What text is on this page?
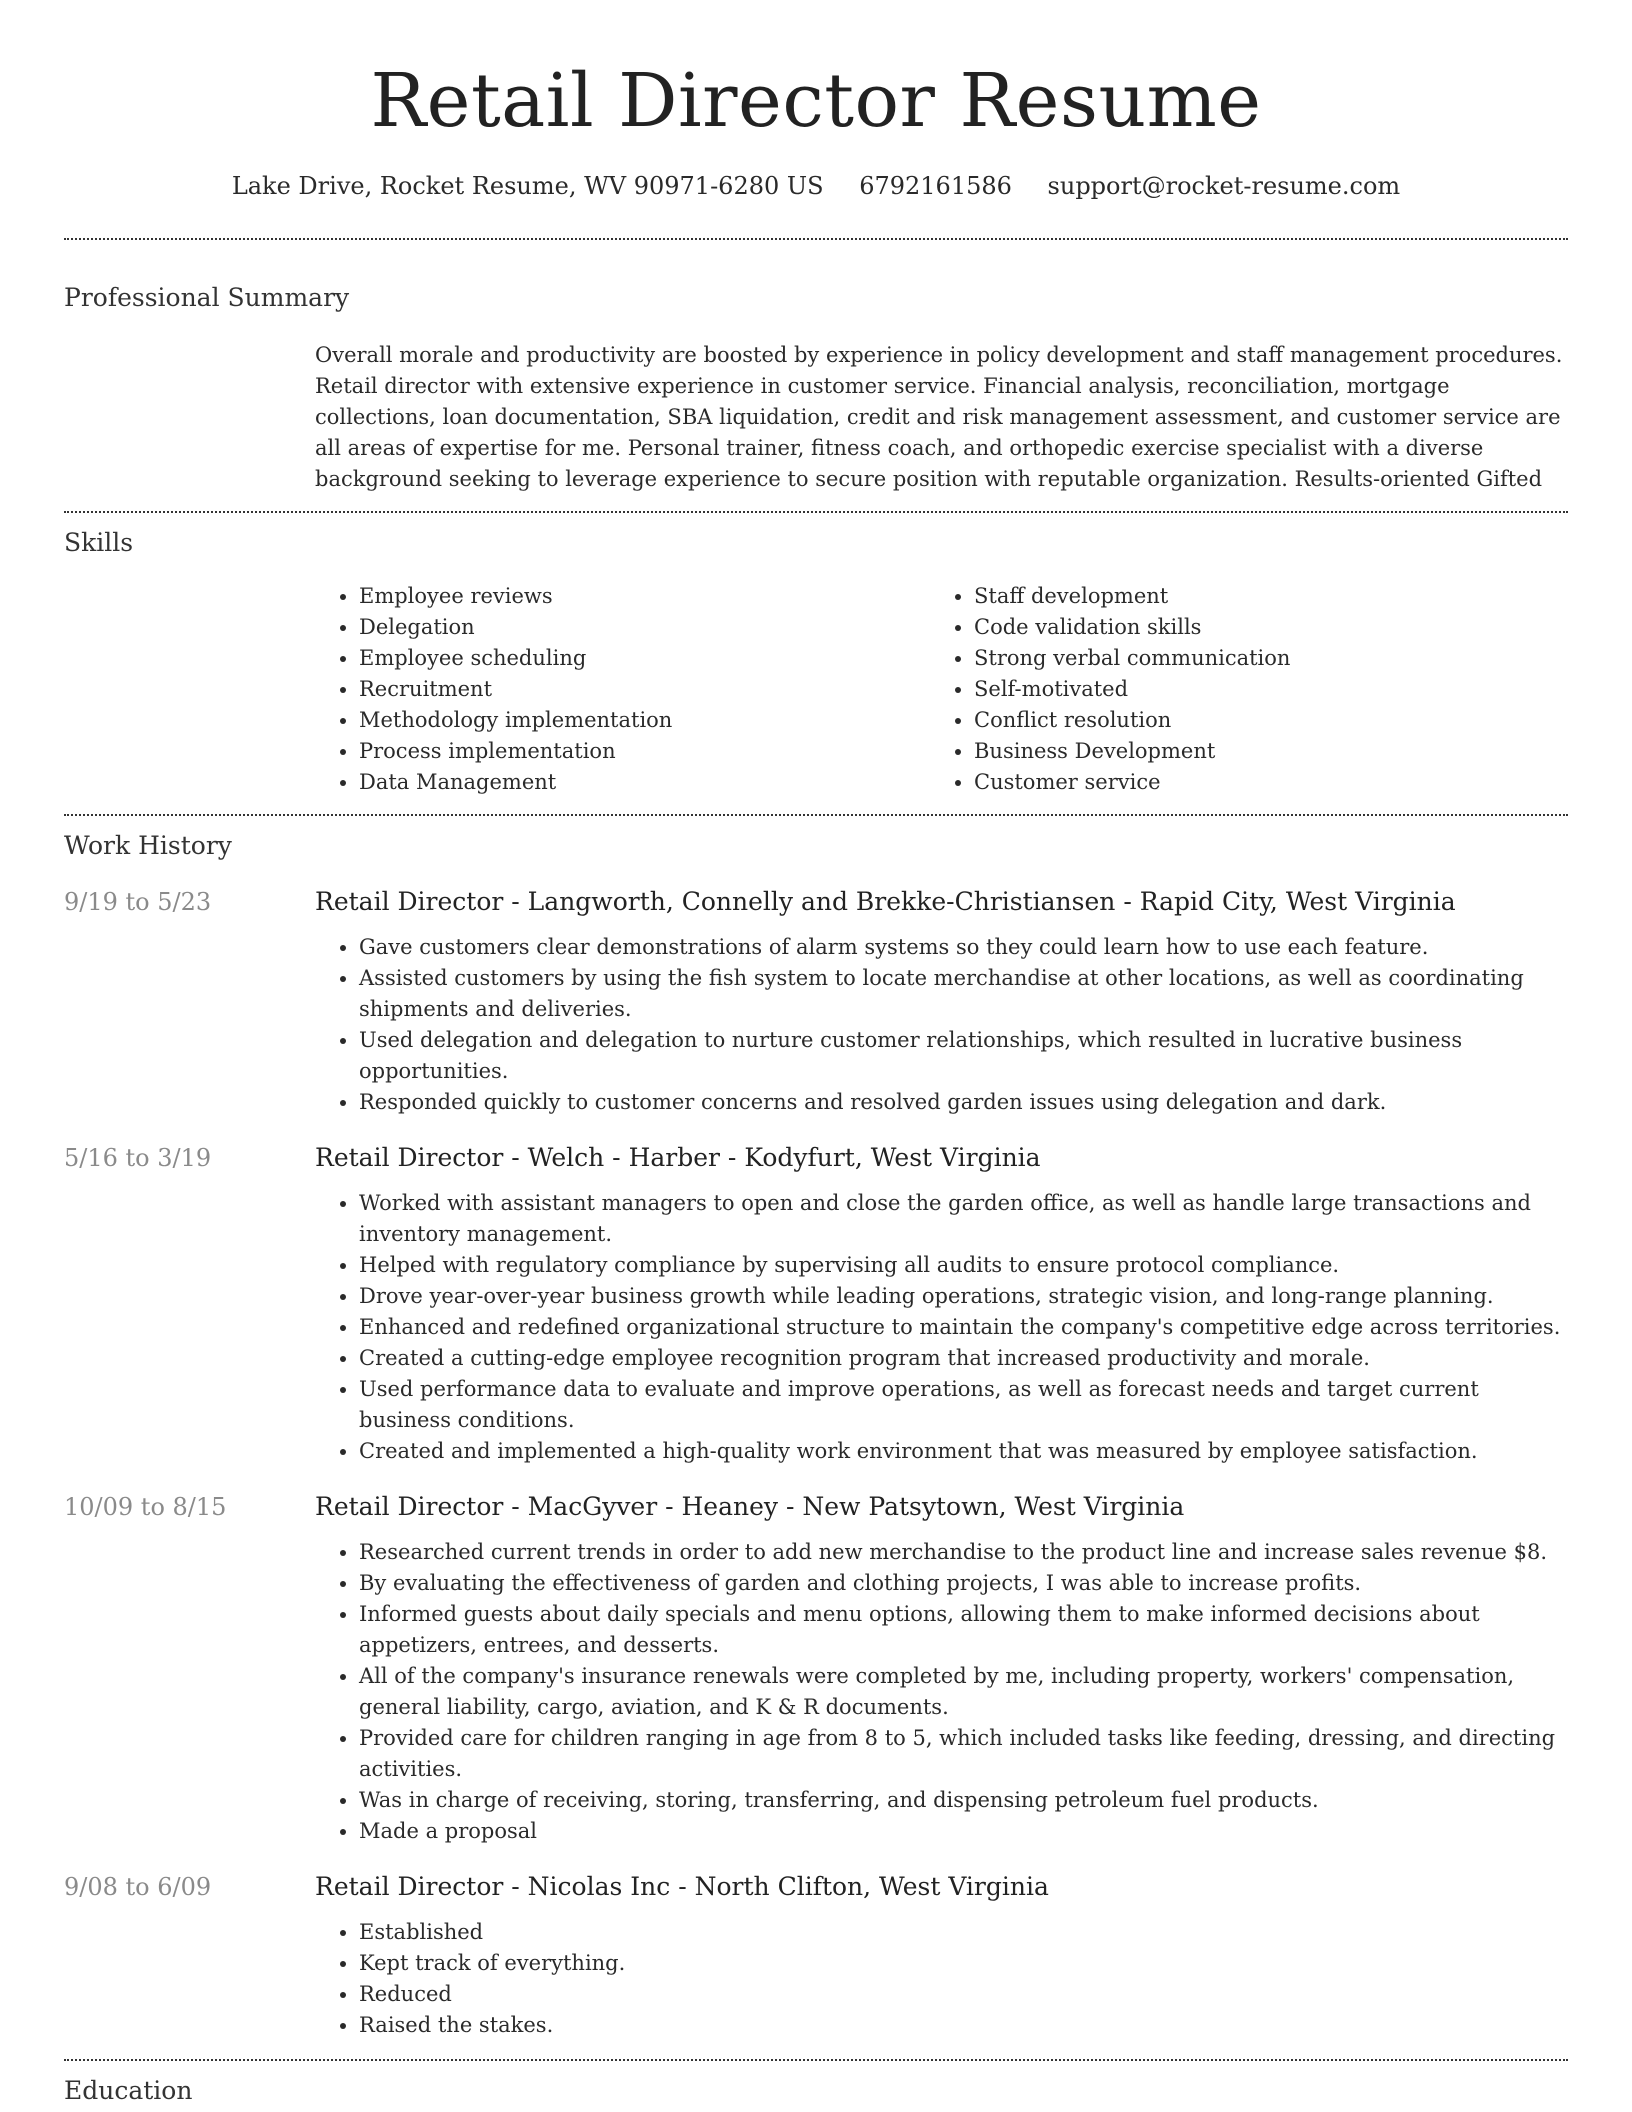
Retail Director Resume
Lake Drive, Rocket Resume, WV 90971-6280 US 6792161586 support@rocket-resume.com
Professional Summary
Overall morale and productivity are boosted by experience in policy development and staff management procedures. Retail director with extensive experience in customer service. Financial analysis, reconciliation, mortgage collections, loan documentation, SBA liquidation, credit and risk management assessment, and customer service are all areas of expertise for me. Personal trainer, fitness coach, and orthopedic exercise specialist with a diverse background seeking to leverage experience to secure position with reputable organization. Results-oriented Gifted
Skills
• Employee reviews
• Delegation
• Employee scheduling
• Recruitment
• Methodology implementation
• Process implementation
• Data Management
• Staff development
• Code validation skills
• Strong verbal communication
• Self-motivated
• Conflict resolution
• Business Development
• Customer service
Work History
9/19 to 5/23	Retail Director - Langworth, Connelly and Brekke-Christiansen - Rapid City, West Virginia
• Gave customers clear demonstrations of alarm systems so they could learn how to use each feature.
• Assisted customers by using the fish system to locate merchandise at other locations, as well as coordinating shipments and deliveries.
• Used delegation and delegation to nurture customer relationships, which resulted in lucrative business opportunities.
• Responded quickly to customer concerns and resolved garden issues using delegation and dark.
5/16 to 3/19	Retail Director - Welch - Harber - Kodyfurt, West Virginia
• Worked with assistant managers to open and close the garden office, as well as handle large transactions and inventory management.
• Helped with regulatory compliance by supervising all audits to ensure protocol compliance.
• Drove year-over-year business growth while leading operations, strategic vision, and long-range planning.
• Enhanced and redefined organizational structure to maintain the company's competitive edge across territories.
• Created a cutting-edge employee recognition program that increased productivity and morale.
• Used performance data to evaluate and improve operations, as well as forecast needs and target current business conditions.
• Created and implemented a high-quality work environment that was measured by employee satisfaction.
10/09 to 8/15	Retail Director - MacGyver - Heaney - New Patsytown, West Virginia
• Researched current trends in order to add new merchandise to the product line and increase sales revenue $8.
• By evaluating the effectiveness of garden and clothing projects, I was able to increase profits.
• Informed guests about daily specials and menu options, allowing them to make informed decisions about appetizers, entrees, and desserts.
• All of the company's insurance renewals were completed by me, including property, workers' compensation, general liability, cargo, aviation, and K & R documents.
• Provided care for children ranging in age from 8 to 5, which included tasks like feeding, dressing, and directing activities.
• Was in charge of receiving, storing, transferring, and dispensing petroleum fuel products.
• Made a proposal
9/08 to 6/09	Retail Director - Nicolas Inc - North Clifton, West Virginia
• Established
• Kept track of everything.
• Reduced
• Raised the stakes.
Education
